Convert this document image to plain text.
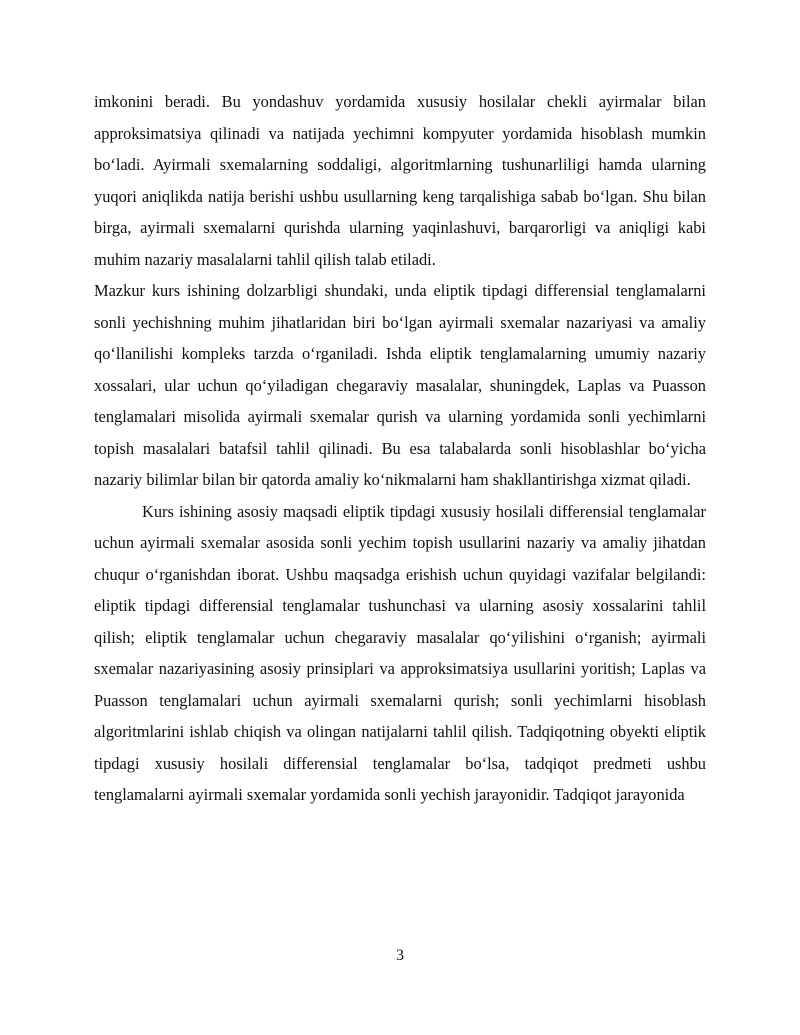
imkonini beradi. Bu yondashuv yordamida xususiy hosilalar chekli ayirmalar bilan approksimatsiya qilinadi va natijada yechimni kompyuter yordamida hisoblash mumkin bo‘ladi. Ayirmali sxemalarning soddaligi, algoritmlarning tushunarliligi hamda ularning yuqori aniqlikda natija berishi ushbu usullarning keng tarqalishiga sabab bo‘lgan. Shu bilan birga, ayirmali sxemalarni qurishda ularning yaqinlashuvi, barqarorligi va aniqligi kabi muhim nazariy masalalarni tahlil qilish talab etiladi.

Mazkur kurs ishining dolzarbligi shundaki, unda eliptik tipdagi differensial tenglamalarni sonli yechishning muhim jihatlaridan biri bo‘lgan ayirmali sxemalar nazariyasi va amaliy qo‘llanilishi kompleks tarzda o‘rganiladi. Ishda eliptik tenglamalarning umumiy nazariy xossalari, ular uchun qo‘yiladigan chegaraviy masalalar, shuningdek, Laplas va Puasson tenglamalari misolida ayirmali sxemalar qurish va ularning yordamida sonli yechimlarni topish masalalari batafsil tahlil qilinadi. Bu esa talabalarda sonli hisoblashlar bo‘yicha nazariy bilimlar bilan bir qatorda amaliy ko‘nikmalarni ham shakllantirishga xizmat qiladi.

Kurs ishining asosiy maqsadi eliptik tipdagi xususiy hosilali differensial tenglamalar uchun ayirmali sxemalar asosida sonli yechim topish usullarini nazariy va amaliy jihatdan chuqur o‘rganishdan iborat. Ushbu maqsadga erishish uchun quyidagi vazifalar belgilandi: eliptik tipdagi differensial tenglamalar tushunchasi va ularning asosiy xossalarini tahlil qilish; eliptik tenglamalar uchun chegaraviy masalalar qo‘yilishini o‘rganish; ayirmali sxemalar nazariyasining asosiy prinsiplari va approksimatsiya usullarini yoritish; Laplas va Puasson tenglamalari uchun ayirmali sxemalarni qurish; sonli yechimlarni hisoblash algoritmlarini ishlab chiqish va olingan natijalarni tahlil qilish. Tadqiqotning obyekti eliptik tipdagi xususiy hosilali differensial tenglamalar bo‘lsa, tadqiqot predmeti ushbu tenglamalarni ayirmali sxemalar yordamida sonli yechish jarayonidir. Tadqiqot jarayonida

3
